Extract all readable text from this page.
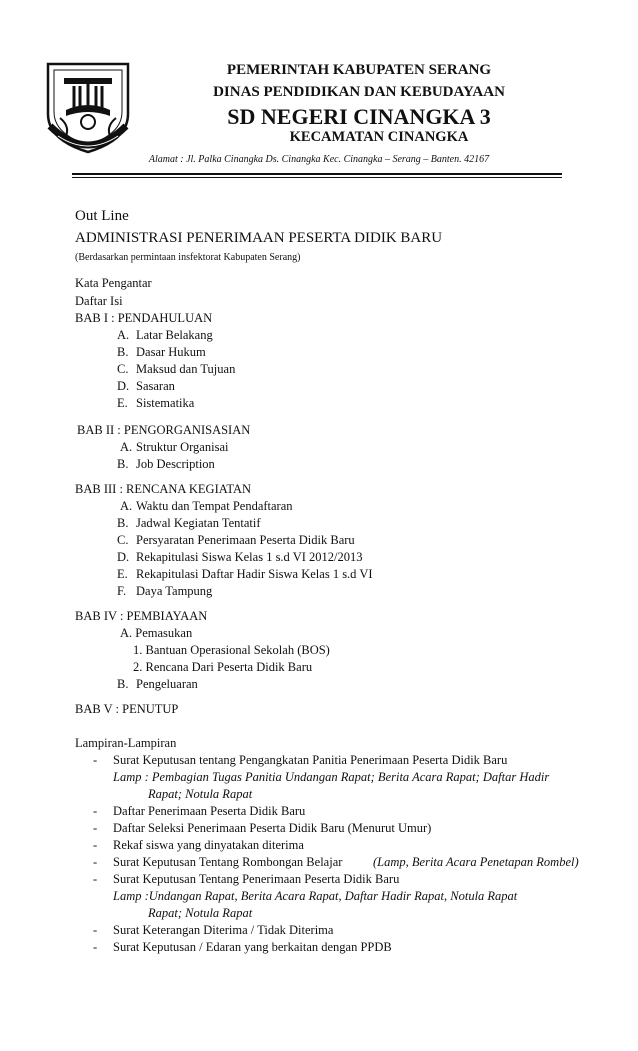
PEMERINTAH KABUPATEN SERANG
DINAS PENDIDIKAN DAN KEBUDAYAAN
SD NEGERI CINANGKA 3
KECAMATAN CINANGKA
Alamat : Jl. Palka Cinangka Ds. Cinangka Kec. Cinangka – Serang – Banten. 42167
Out Line
ADMINISTRASI PENERIMAAN PESERTA DIDIK BARU
(Berdasarkan permintaan insfektorat Kabupaten Serang)
Kata Pengantar
Daftar Isi
BAB I : PENDAHULUAN
A. Latar Belakang
B. Dasar Hukum
C. Maksud dan Tujuan
D. Sasaran
E. Sistematika
BAB II : PENGORGANISASIAN
A. Struktur Organisai
B. Job Description
BAB III : RENCANA KEGIATAN
A. Waktu dan Tempat Pendaftaran
B. Jadwal Kegiatan Tentatif
C. Persyaratan Penerimaan Peserta Didik Baru
D. Rekapitulasi Siswa Kelas 1 s.d VI 2012/2013
E. Rekapitulasi Daftar Hadir Siswa Kelas 1 s.d VI
F. Daya Tampung
BAB IV : PEMBIAYAAN
A. Pemasukan
1. Bantuan Operasional Sekolah (BOS)
2. Rencana Dari Peserta Didik Baru
B. Pengeluaran
BAB V : PENUTUP
Lampiran-Lampiran
- Surat Keputusan tentang Pengangkatan Panitia Penerimaan Peserta Didik Baru
Lamp : Pembagian Tugas Panitia Undangan Rapat; Berita Acara Rapat; Daftar Hadir
Rapat; Notula Rapat
- Daftar Penerimaan Peserta Didik Baru
- Daftar Seleksi Penerimaan Peserta Didik Baru (Menurut Umur)
- Rekaf siswa yang dinyatakan diterima
- Surat Keputusan Tentang Rombongan Belajar (Lamp, Berita Acara Penetapan Rombel)
- Surat Keputusan Tentang Penerimaan Peserta Didik Baru
Lamp :Undangan Rapat, Berita Acara Rapat, Daftar Hadir Rapat, Notula Rapat
Rapat; Notula Rapat
- Surat Keterangan Diterima / Tidak Diterima
- Surat Keputusan / Edaran yang berkaitan dengan PPDB
